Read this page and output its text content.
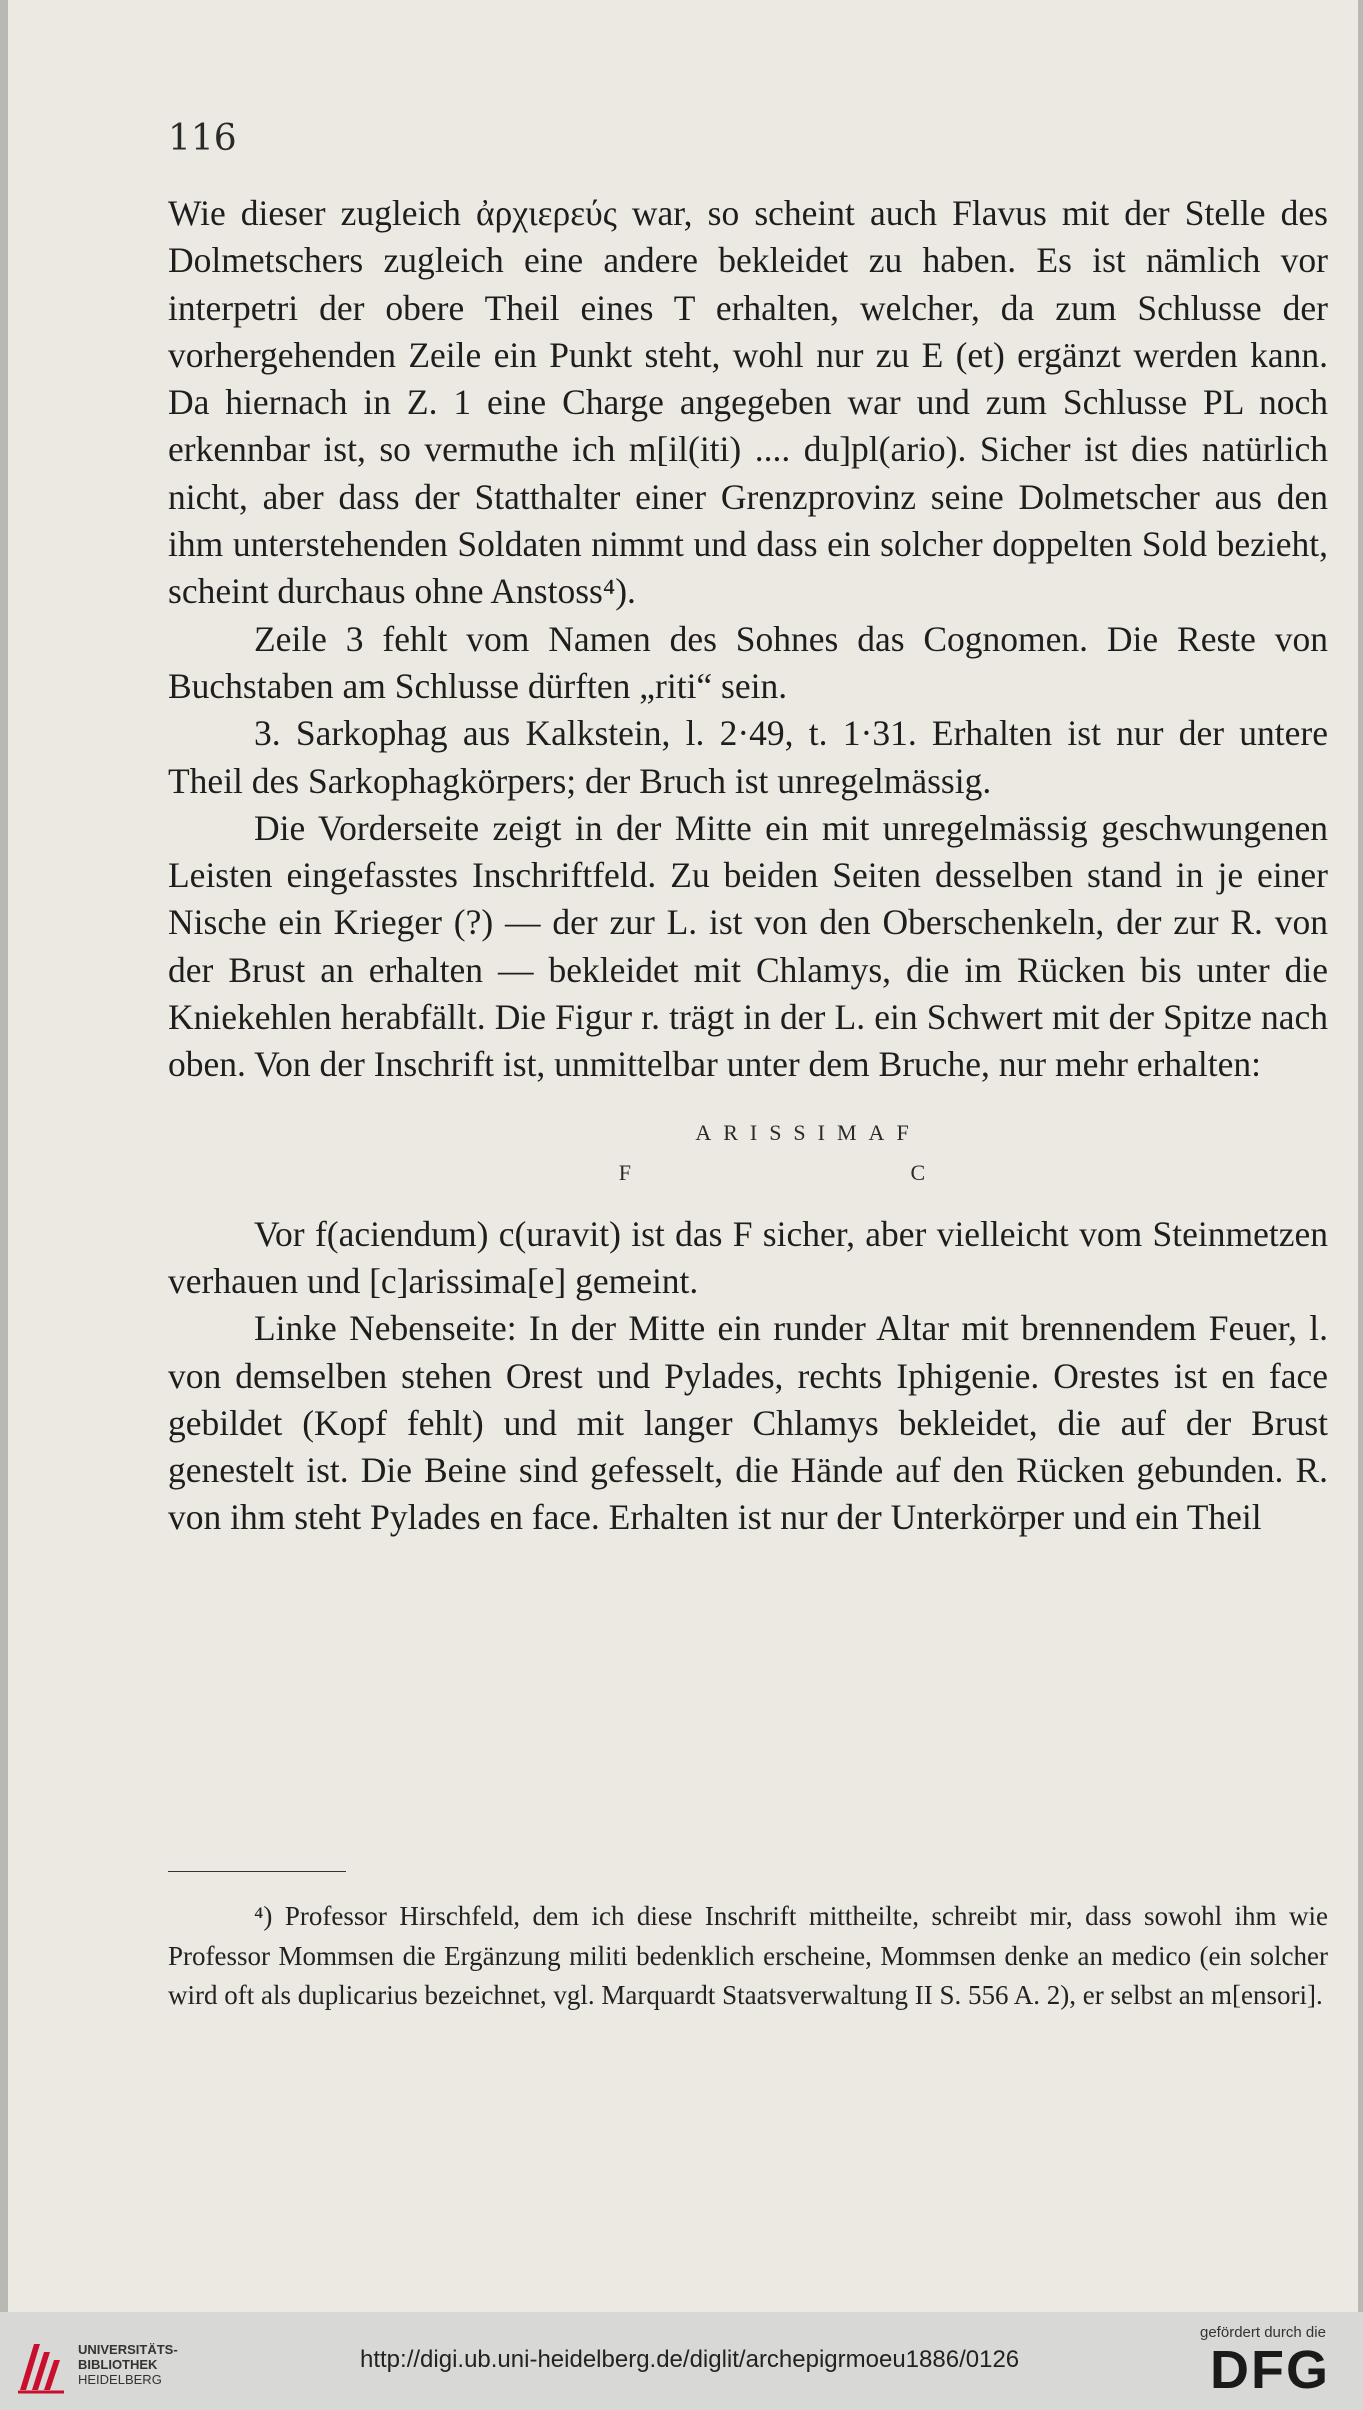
116

Wie dieser zugleich ἀρχιερεύς war, so scheint auch Flavus mit der Stelle des Dolmetschers zugleich eine andere bekleidet zu haben. Es ist nämlich vor interpetri der obere Theil eines T erhalten, welcher, da zum Schlusse der vorhergehenden Zeile ein Punkt steht, wohl nur zu E (et) ergänzt werden kann. Da hiernach in Z. 1 eine Charge angegeben war und zum Schlusse PL noch erkennbar ist, so vermuthe ich m[il(iti) .... du]pl(ario). Sicher ist dies natürlich nicht, aber dass der Statthalter einer Grenzprovinz seine Dolmetscher aus den ihm unterstehenden Soldaten nimmt und dass ein solcher doppelten Sold bezieht, scheint durchaus ohne Anstoss⁴).

Zeile 3 fehlt vom Namen des Sohnes das Cognomen. Die Reste von Buchstaben am Schlusse dürften „riti“ sein.

3. Sarkophag aus Kalkstein, l. 2·49, t. 1·31. Erhalten ist nur der untere Theil des Sarkophagkörpers; der Bruch ist unregelmässig.

Die Vorderseite zeigt in der Mitte ein mit unregelmässig geschwungenen Leisten eingefasstes Inschriftfeld. Zu beiden Seiten desselben stand in je einer Nische ein Krieger (?) — der zur L. ist von den Oberschenkeln, der zur R. von der Brust an erhalten — bekleidet mit Chlamys, die im Rücken bis unter die Kniekehlen herabfällt. Die Figur r. trägt in der L. ein Schwert mit der Spitze nach oben. Von der Inschrift ist, unmittelbar unter dem Bruche, nur mehr erhalten:

ARISSIMAF
F C

Vor f(aciendum) c(uravit) ist das F sicher, aber vielleicht vom Steinmetzen verhauen und [c]arissima[e] gemeint.

Linke Nebenseite: In der Mitte ein runder Altar mit brennendem Feuer, l. von demselben stehen Orest und Pylades, rechts Iphigenie. Orestes ist en face gebildet (Kopf fehlt) und mit langer Chlamys bekleidet, die auf der Brust genestelt ist. Die Beine sind gefesselt, die Hände auf den Rücken gebunden. R. von ihm steht Pylades en face. Erhalten ist nur der Unterkörper und ein Theil

⁴) Professor Hirschfeld, dem ich diese Inschrift mittheilte, schreibt mir, dass sowohl ihm wie Professor Mommsen die Ergänzung militi bedenklich erscheine, Mommsen denke an medico (ein solcher wird oft als duplicarius bezeichnet, vgl. Marquardt Staatsverwaltung II S. 556 A. 2), er selbst an m[ensori].

UNIVERSITÄTS-
BIBLIOTHEK
HEIDELBERG
http://digi.ub.uni-heidelberg.de/diglit/archepigrmoeu1886/0126
gefördert durch die
DFG
